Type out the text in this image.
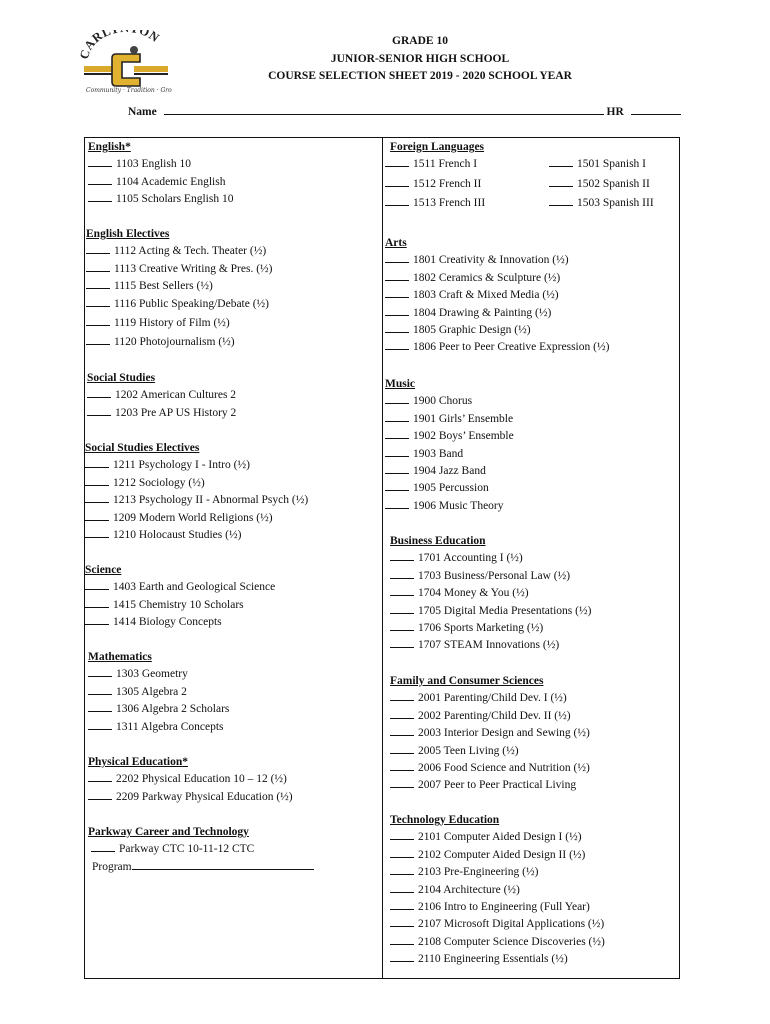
ARL ON
Community · Tradition · Gro
GRADE 10
JUNIOR-SENIOR HIGH SCHOOL
COURSE SELECTION SHEET 2019 - 2020 SCHOOL YEAR
Name	HR
English*
1103 English 10
1104 Academic English
1105 Scholars English 10
English Electives
1112 Acting & Tech. Theater (½)
1113 Creative Writing & Pres. (½)
1115 Best Sellers (½)
1116 Public Speaking/Debate (½)
1119 History of Film (½)
1120 Photojournalism (½)
Social Studies
1202 American Cultures 2
1203 Pre AP US History 2
Social Studies Electives
1211 Psychology I - Intro (½)
1212 Sociology (½)
1213 Psychology II - Abnormal Psych (½)
1209 Modern World Religions (½)
1210 Holocaust Studies (½)
Science
1403 Earth and Geological Science
1415 Chemistry 10 Scholars
1414 Biology Concepts
Mathematics
1303 Geometry
1305 Algebra 2
1306 Algebra 2 Scholars
1311 Algebra Concepts
Physical Education*
2202 Physical Education 10 – 12 (½)
2209 Parkway Physical Education (½)
Parkway Career and Technology
Parkway CTC 10-11-12 CTC
Program
Foreign Languages
1511 French I	1501 Spanish I
1512 French II	1502 Spanish II
1513 French III	1503 Spanish III
Arts
1801 Creativity & Innovation (½)
1802 Ceramics & Sculpture (½)
1803 Craft & Mixed Media (½)
1804 Drawing & Painting (½)
1805 Graphic Design (½)
1806 Peer to Peer Creative Expression (½)
Music
1900 Chorus
1901 Girls’ Ensemble
1902 Boys’ Ensemble
1903 Band
1904 Jazz Band
1905 Percussion
1906 Music Theory
Business Education
1701 Accounting I (½)
1703 Business/Personal Law (½)
1704 Money & You (½)
1705 Digital Media Presentations (½)
1706 Sports Marketing (½)
1707 STEAM Innovations (½)
Family and Consumer Sciences
2001 Parenting/Child Dev. I (½)
2002 Parenting/Child Dev. II (½)
2003 Interior Design and Sewing (½)
2005 Teen Living (½)
2006 Food Science and Nutrition (½)
2007 Peer to Peer Practical Living
Technology Education
2101 Computer Aided Design I (½)
2102 Computer Aided Design II (½)
2103 Pre-Engineering (½)
2104 Architecture (½)
2106 Intro to Engineering (Full Year)
2107 Microsoft Digital Applications (½)
2108 Computer Science Discoveries (½)
2110 Engineering Essentials (½)
